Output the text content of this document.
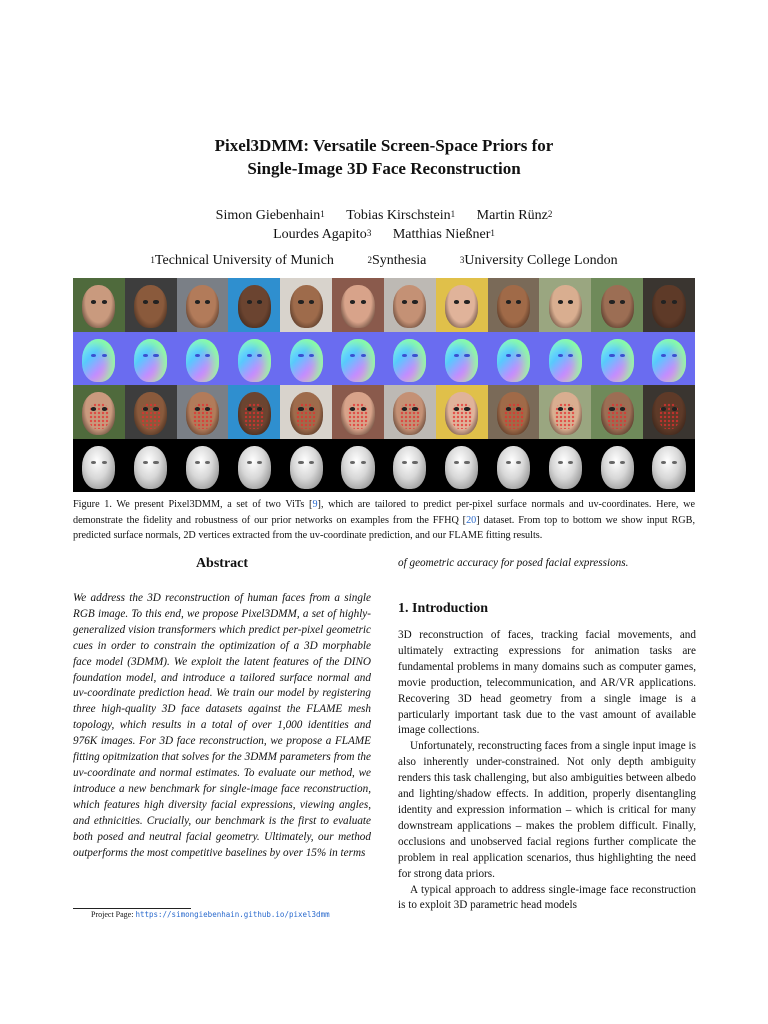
Pixel3DMM: Versatile Screen-Space Priors for
Single-Image 3D Face Reconstruction
Simon Giebenhain$^1$ Tobias Kirschstein$^1$ Martin Rünz$^2$
Lourdes Agapito$^3$ Matthias Nießner$^1$
$^1$Technical University of Munich	$^2$Synthesia	$^3$University College London
Figure 1. We present Pixel3DMM, a set of two ViTs [9], which are tailored to predict per-pixel surface normals and uv-coordinates. Here, we demonstrate the fidelity and robustness of our prior networks on examples from the FFHQ [20] dataset. From top to bottom we show input RGB, predicted surface normals, 2D vertices extracted from the uv-coordinate prediction, and our FLAME fitting results.
Abstract
We address the 3D reconstruction of human faces from a single RGB image. To this end, we propose Pixel3DMM, a set of highly-generalized vision transformers which predict per-pixel geometric cues in order to constrain the optimization of a 3D morphable face model (3DMM). We exploit the latent features of the DINO foundation model, and introduce a tailored surface normal and uv-coordinate prediction head. We train our model by registering three high-quality 3D face datasets against the FLAME mesh topology, which results in a total of over 1,000 identities and 976K images. For 3D face reconstruction, we propose a FLAME fitting opitmization that solves for the 3DMM parameters from the uv-coordinate and normal estimates. To evaluate our method, we introduce a new benchmark for single-image face reconstruction, which features high diversity facial expressions, viewing angles, and ethnicities. Crucially, our benchmark is the first to evaluate both posed and neutral facial geometry. Ultimately, our method outperforms the most competitive baselines by over 15% in terms
Project Page: https://simongiebenhain.github.io/pixel3dmm
of geometric accuracy for posed facial expressions.
1. Introduction

3D reconstruction of faces, tracking facial movements, and ultimately extracting expressions for animation tasks are fundamental problems in many domains such as computer games, movie production, telecommunication, and AR/VR applications. Recovering 3D head geometry from a single image is a particularly important task due to the vast amount of available image collections.

Unfortunately, reconstructing faces from a single input image is also inherently under-constrained. Not only depth ambiguity renders this task challenging, but also ambiguities between albedo and lighting/shadow effects. In addition, properly disentangling identity and expression information – which is critical for many downstream applications – makes the problem difficult. Finally, occlusions and unobserved facial regions further complicate the problem in real application scenarios, thus highlighting the need for strong data priors.

A typical approach to address single-image face reconstruction is to exploit 3D parametric head models
